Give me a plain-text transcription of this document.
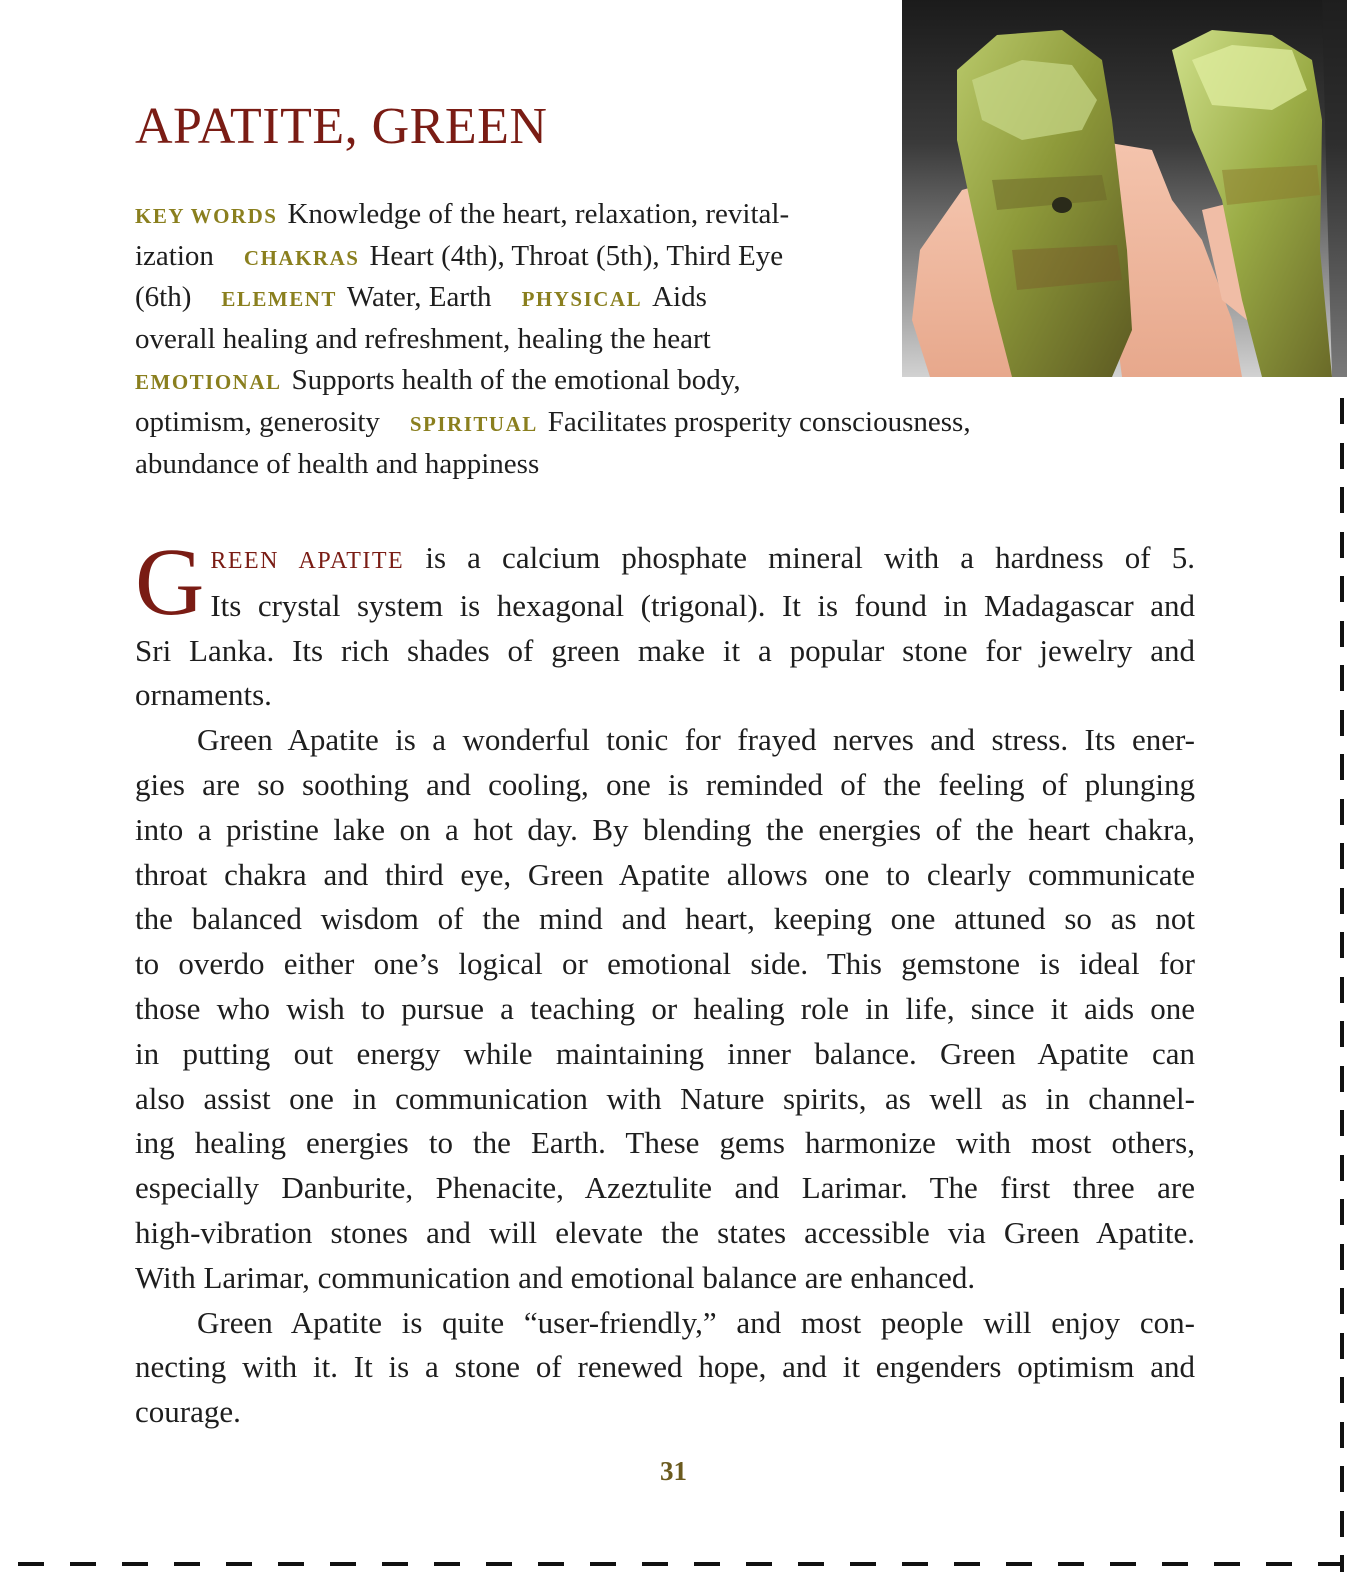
APATITE, GREEN
KEY WORDS Knowledge of the heart, relaxation, revital-
ization CHAKRAS Heart (4th), Throat (5th), Third Eye
(6th) ELEMENT Water, Earth PHYSICAL Aids
overall healing and refreshment, healing the heart
EMOTIONAL Supports health of the emotional body,
optimism, generosity SPIRITUAL Facilitates prosperity consciousness,
abundance of health and happiness
G REEN APATITE is a calcium phosphate mineral with a hardness of 5.

Its crystal system is hexagonal (trigonal). It is found in Madagascar and

Sri Lanka. Its rich shades of green make it a popular stone for jewelry and

ornaments.

Green Apatite is a wonderful tonic for frayed nerves and stress. Its ener-

gies are so soothing and cooling, one is reminded of the feeling of plunging

into a pristine lake on a hot day. By blending the energies of the heart chakra,

throat chakra and third eye, Green Apatite allows one to clearly communicate

the balanced wisdom of the mind and heart, keeping one attuned so as not

to overdo either one’s logical or emotional side. This gemstone is ideal for

those who wish to pursue a teaching or healing role in life, since it aids one

in putting out energy while maintaining inner balance. Green Apatite can

also assist one in communication with Nature spirits, as well as in channel-

ing healing energies to the Earth. These gems harmonize with most others,

especially Danburite, Phenacite, Azeztulite and Larimar. The first three are

high-vibration stones and will elevate the states accessible via Green Apatite.

With Larimar, communication and emotional balance are enhanced.

Green Apatite is quite “user-friendly,” and most people will enjoy con-

necting with it. It is a stone of renewed hope, and it engenders optimism and

courage.

31
